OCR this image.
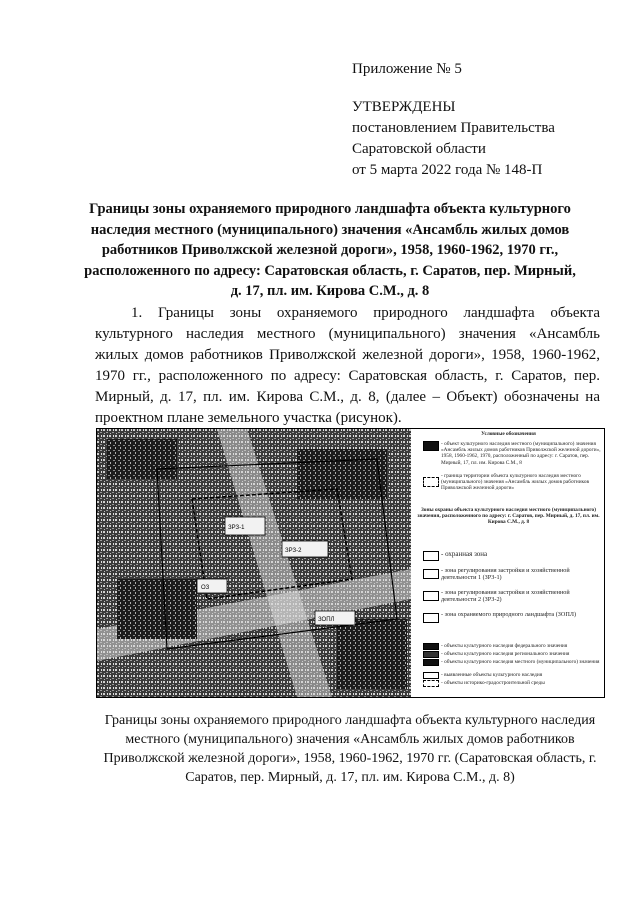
Приложение № 5
УТВЕРЖДЕНЫ
постановлением Правительства
Саратовской области
от 5 марта 2022 года № 148-П
Границы зоны охраняемого природного ландшафта объекта культурного наследия местного (муниципального) значения «Ансамбль жилых домов работников Приволжской железной дороги», 1958, 1960-1962, 1970 гг., расположенного по адресу: Саратовская область, г. Саратов, пер. Мирный, д. 17, пл. им. Кирова С.М., д. 8
1. Границы зоны охраняемого природного ландшафта объекта культурного наследия местного (муниципального) значения «Ансамбль жилых домов работников Приволжской железной дороги», 1958, 1960-1962, 1970 гг., расположенного по адресу: Саратовская область, г. Саратов, пер. Мирный, д. 17, пл. им. Кирова С.М., д. 8, (далее – Объект) обозначены на проектном плане земельного участка (рисунок).
ЗРЗ-1
ЗРЗ-2
ОЗ
ЗОПЛ
Условные обозначения
- объект культурного наследия местного (муниципального) значения «Ансамбль жилых домов работников Приволжской железной дороги», 1958, 1960-1962, 1970, расположенный по адресу: г. Саратов, пер. Мирный, 17, пл. им. Кирова С.М., 8
- граница территории объекта культурного наследия местного (муниципального) значения «Ансамбль жилых домов работников Приволжской железной дороги»
Зоны охраны объекта культурного наследия местного (муниципального) значения, расположенного по адресу: г. Саратов, пер. Мирный, д. 17, пл. им. Кирова С.М., д. 8
- охранная зона
- зона регулирования застройки и хозяйственной деятельности 1 (ЗРЗ-1)
- зона регулирования застройки и хозяйственной деятельности 2 (ЗРЗ-2)
- зона охраняемого природного ландшафта (ЗОПЛ)
- объекты культурного наследия федерального значения
- объекты культурного наследия регионального значения
- объекты культурного наследия местного (муниципального) значения
- выявленные объекты культурного наследия
- объекты историко-градостроительной среды
Границы зоны охраняемого природного ландшафта объекта культурного наследия местного (муниципального) значения «Ансамбль жилых домов работников Приволжской железной дороги», 1958, 1960-1962, 1970 гг. (Саратовская область, г. Саратов, пер. Мирный, д. 17, пл. им. Кирова С.М., д. 8)
